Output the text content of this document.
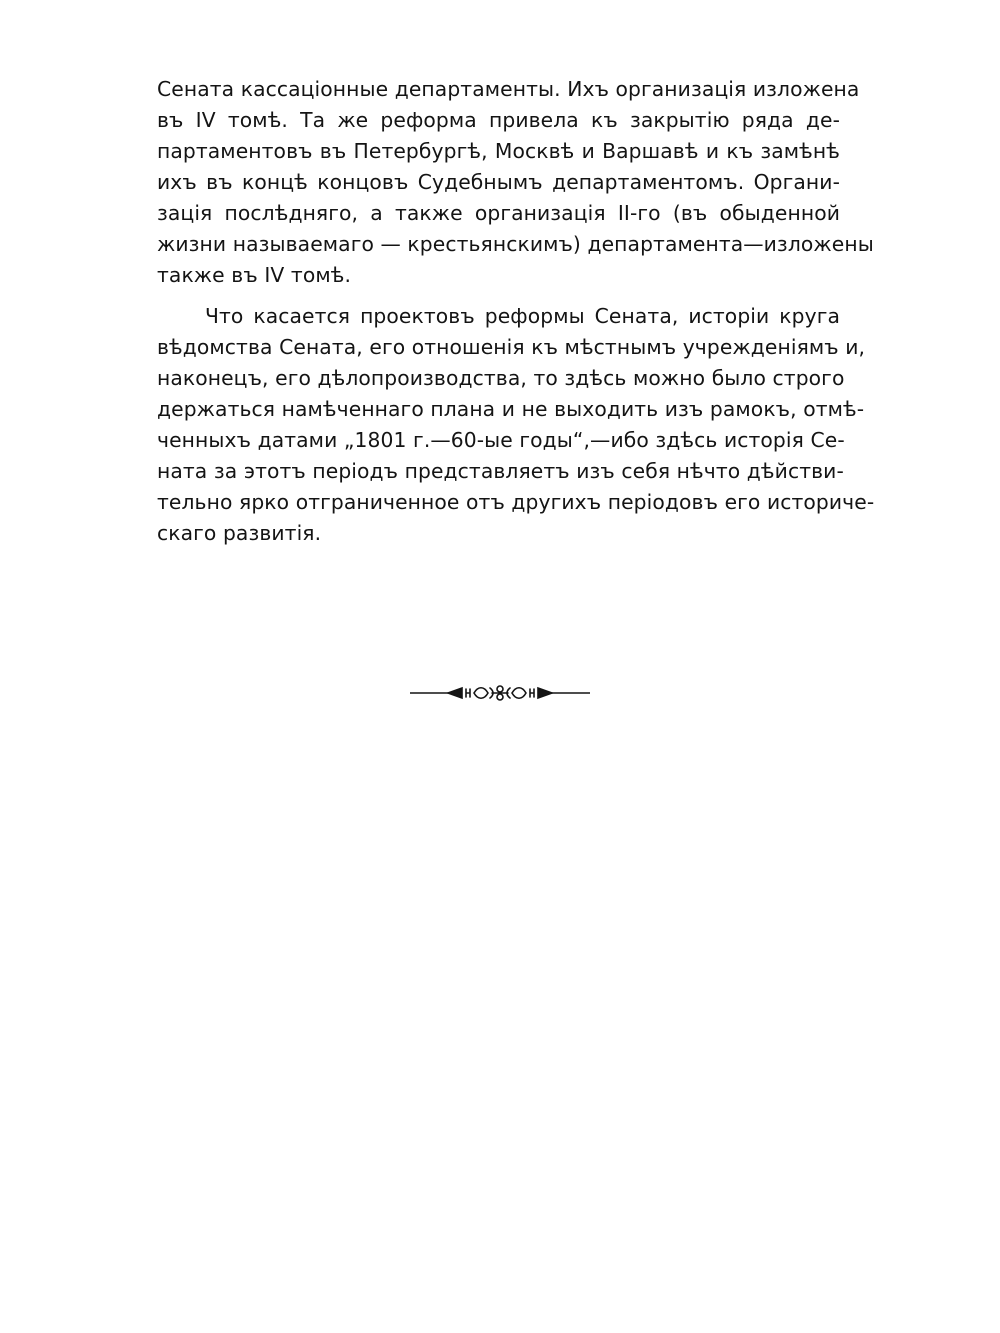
Сената кассаціонные департаменты. Ихъ организація изложена
въ IV томѣ. Та же реформа привела къ закрытію ряда де-
партаментовъ въ Петербургѣ, Москвѣ и Варшавѣ и къ замѣнѣ
ихъ въ концѣ концовъ Судебнымъ департаментомъ. Органи-
зація послѣдняго, а также организація II-го (въ обыденной
жизни называемаго — крестьянскимъ) департамента—изложены
также въ IV томѣ.
Что касается проектовъ реформы Сената, исторіи круга
вѣдомства Сената, его отношенія къ мѣстнымъ учрежденіямъ и,
наконецъ, его дѣлопроизводства, то здѣсь можно было строго
держаться намѣченнаго плана и не выходить изъ рамокъ, отмѣ-
ченныхъ датами „1801 г.—60-ые годы“,—ибо здѣсь исторія Се-
ната за этотъ періодъ представляетъ изъ себя нѣчто дѣйстви-
тельно ярко отграниченное отъ другихъ періодовъ его историче-
скаго развитія.
